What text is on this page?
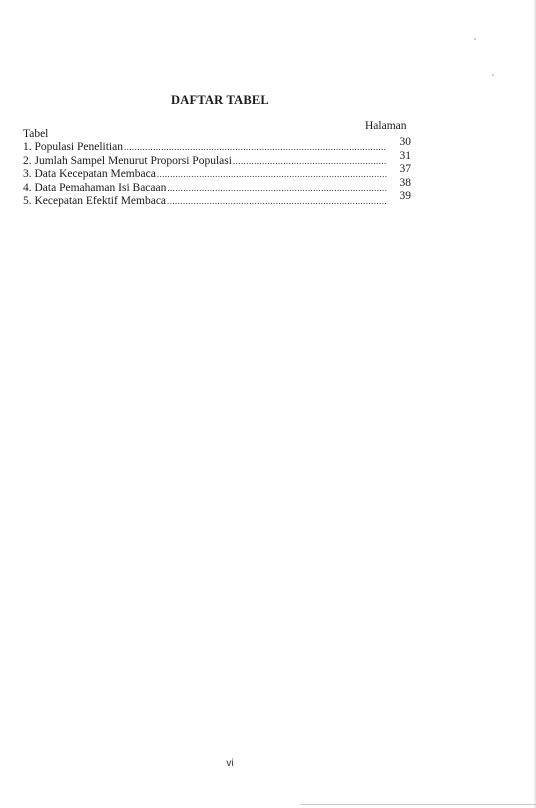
DAFTAR TABEL
Tabel
Halaman
1. Populasi Penelitian .....	30
2. Jumlah Sampel Menurut Proporsi Populasi .....	31
3. Data Kecepatan Membaca .....	37
4. Data Pemahaman Isi Bacaan .....	38
5. Kecepatan Efektif Membaca .....	39
vi
